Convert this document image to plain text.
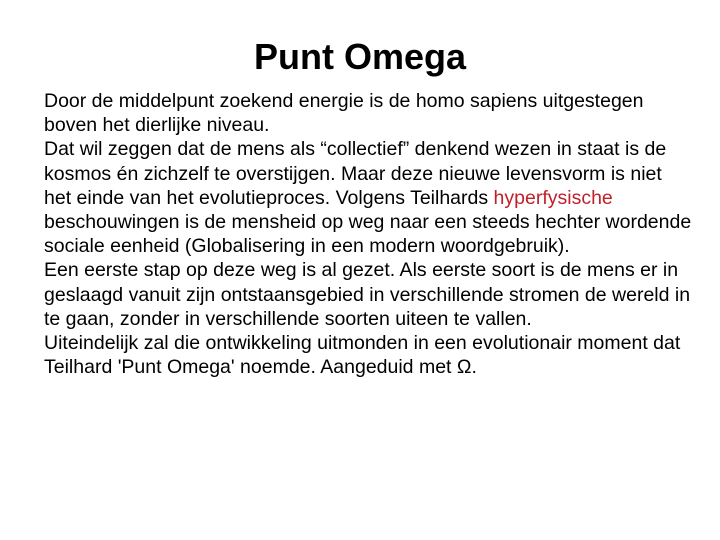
Punt Omega

Door de middelpunt zoekend energie is de homo sapiens uitgestegen boven het dierlijke niveau.

Dat wil zeggen dat de mens als “collectief” denkend wezen in staat is de kosmos én zichzelf te overstijgen. Maar deze nieuwe levensvorm is niet het einde van het evolutieproces. Volgens Teilhards hyperfysische beschouwingen is de mensheid op weg naar een steeds hechter wordende sociale eenheid (Globalisering in een modern woordgebruik).

Een eerste stap op deze weg is al gezet. Als eerste soort is de mens er in geslaagd vanuit zijn ontstaansgebied in verschillende stromen de wereld in te gaan, zonder in verschillende soorten uiteen te vallen.

Uiteindelijk zal die ontwikkeling uitmonden in een evolutionair moment dat Teilhard 'Punt Omega' noemde. Aangeduid met Ω.
